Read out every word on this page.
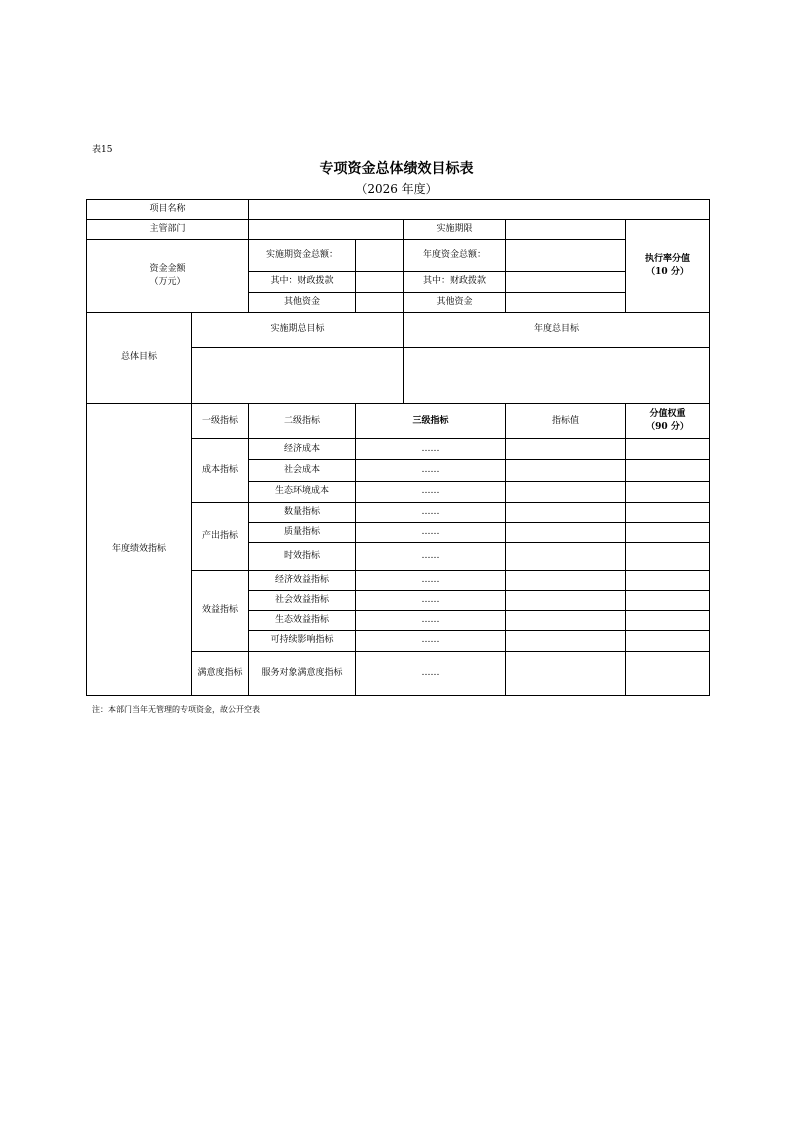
表15
专项资金总体绩效目标表
（2026 年度）
项目名称						
主管部门				实施期限		执行率分值
（10 分）
资金金额
（万元）		实施期资金总额：		年度资金总额：		
		其中：财政拨款		其中：财政拨款		
		其他资金		其他资金		
总体目标	实施期总目标			年度总目标		

年度绩效指标	一级指标	二级指标	三级指标		指标值	分值权重
（90 分）
	成本指标	经济成本	……			
		社会成本	……			
		生态环境成本	……			
	产出指标	数量指标	……			
		质量指标	……			
		时效指标	……			
	效益指标	经济效益指标	……			
		社会效益指标	……			
		生态效益指标	……			
		可持续影响指标	……			
	满意度指标	服务对象满意度指标	……			
注：本部门当年无管理的专项资金，故公开空表
